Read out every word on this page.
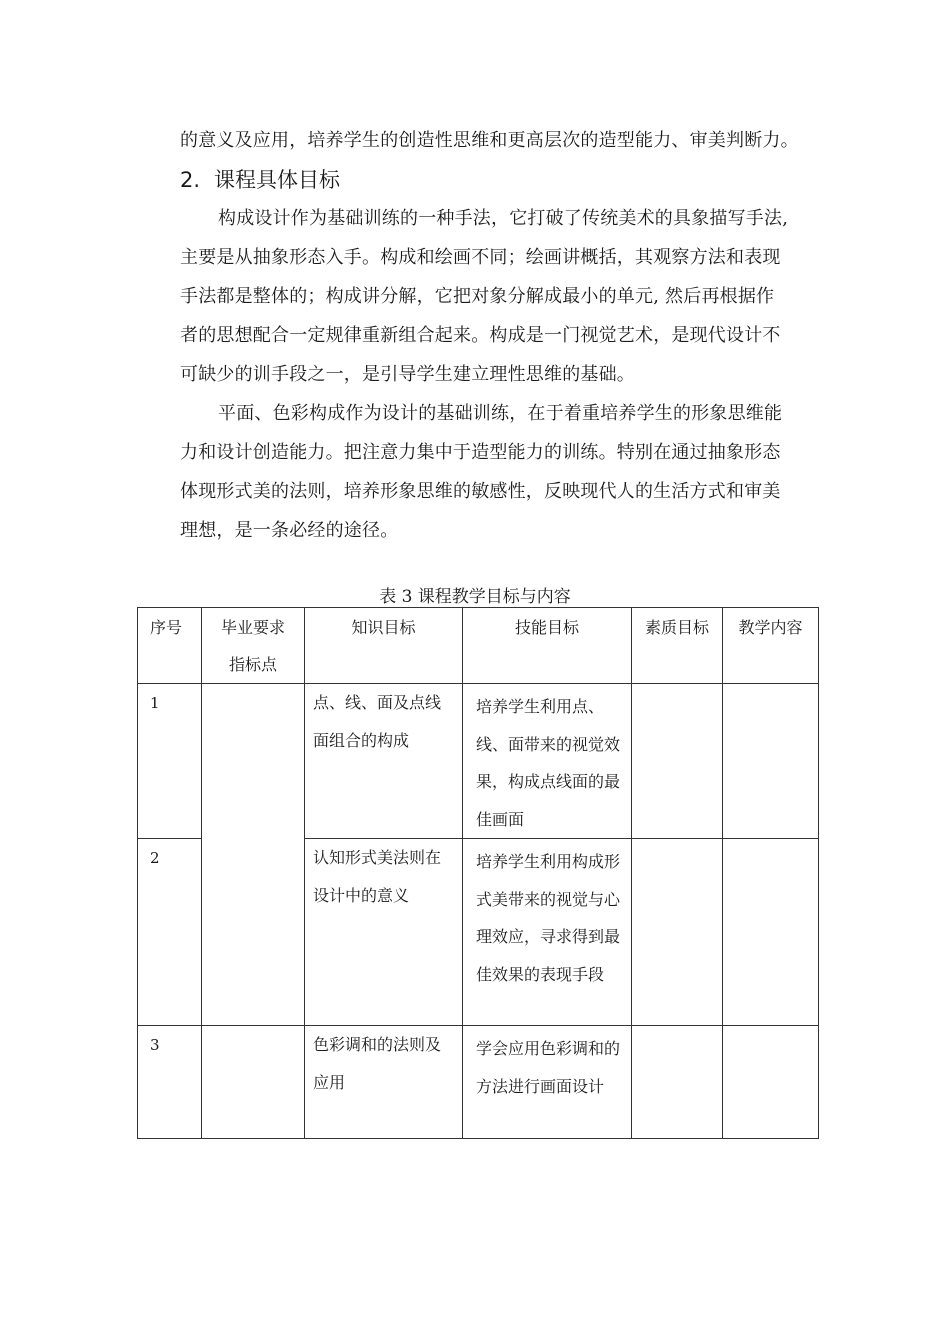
的意义及应用，培养学生的创造性思维和更高层次的造型能力、审美判断力。
2. 课程具体目标
构成设计作为基础训练的一种手法，它打破了传统美术的具象描写手法,
主要是从抽象形态入手。构成和绘画不同；绘画讲概括，其观察方法和表现
手法都是整体的；构成讲分解，它把对象分解成最小的单元, 然后再根据作
者的思想配合一定规律重新组合起来。构成是一门视觉艺术，是现代设计不
可缺少的训手段之一，是引导学生建立理性思维的基础。
平面、色彩构成作为设计的基础训练，在于着重培养学生的形象思维能
力和设计创造能力。把注意力集中于造型能力的训练。特别在通过抽象形态
体现形式美的法则，培养形象思维的敏感性，反映现代人的生活方式和审美
理想，是一条必经的途径。
表 3 课程教学目标与内容
序号	毕业要求指标点	知识目标	技能目标	素质目标	教学内容

1		点、线、面及点线面组合的构成	培养学生利用点、线、面带来的视觉效果，构成点线面的最佳画面		

2		认知形式美法则在设计中的意义	培养学生利用构成形式美带来的视觉与心理效应，寻求得到最佳效果的表现手段		

3		色彩调和的法则及应用	学会应用色彩调和的方法进行画面设计		
